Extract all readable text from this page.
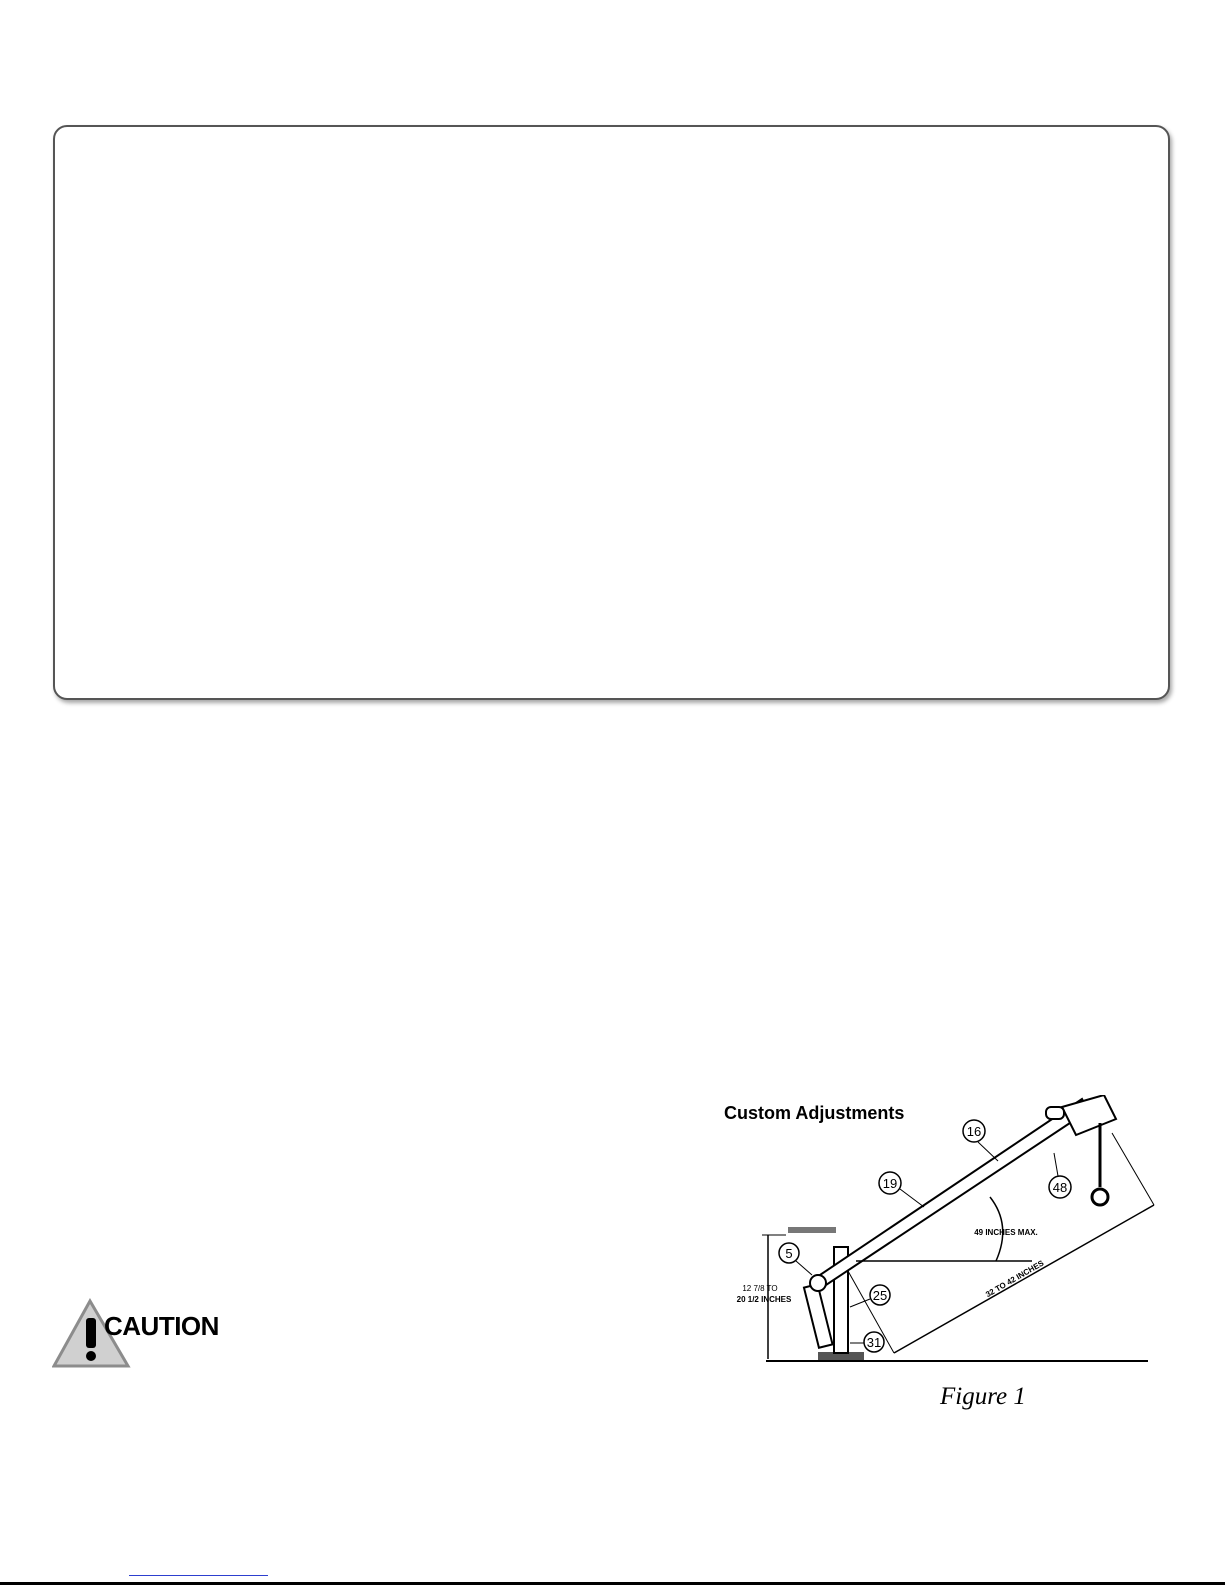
CAUTION
Custom Adjustments
12 7/8 TO
20 1/2 INCHES
49 INCHES MAX.
32 TO 42 INCHES
16
19	48
5
25
31
Figure 1
